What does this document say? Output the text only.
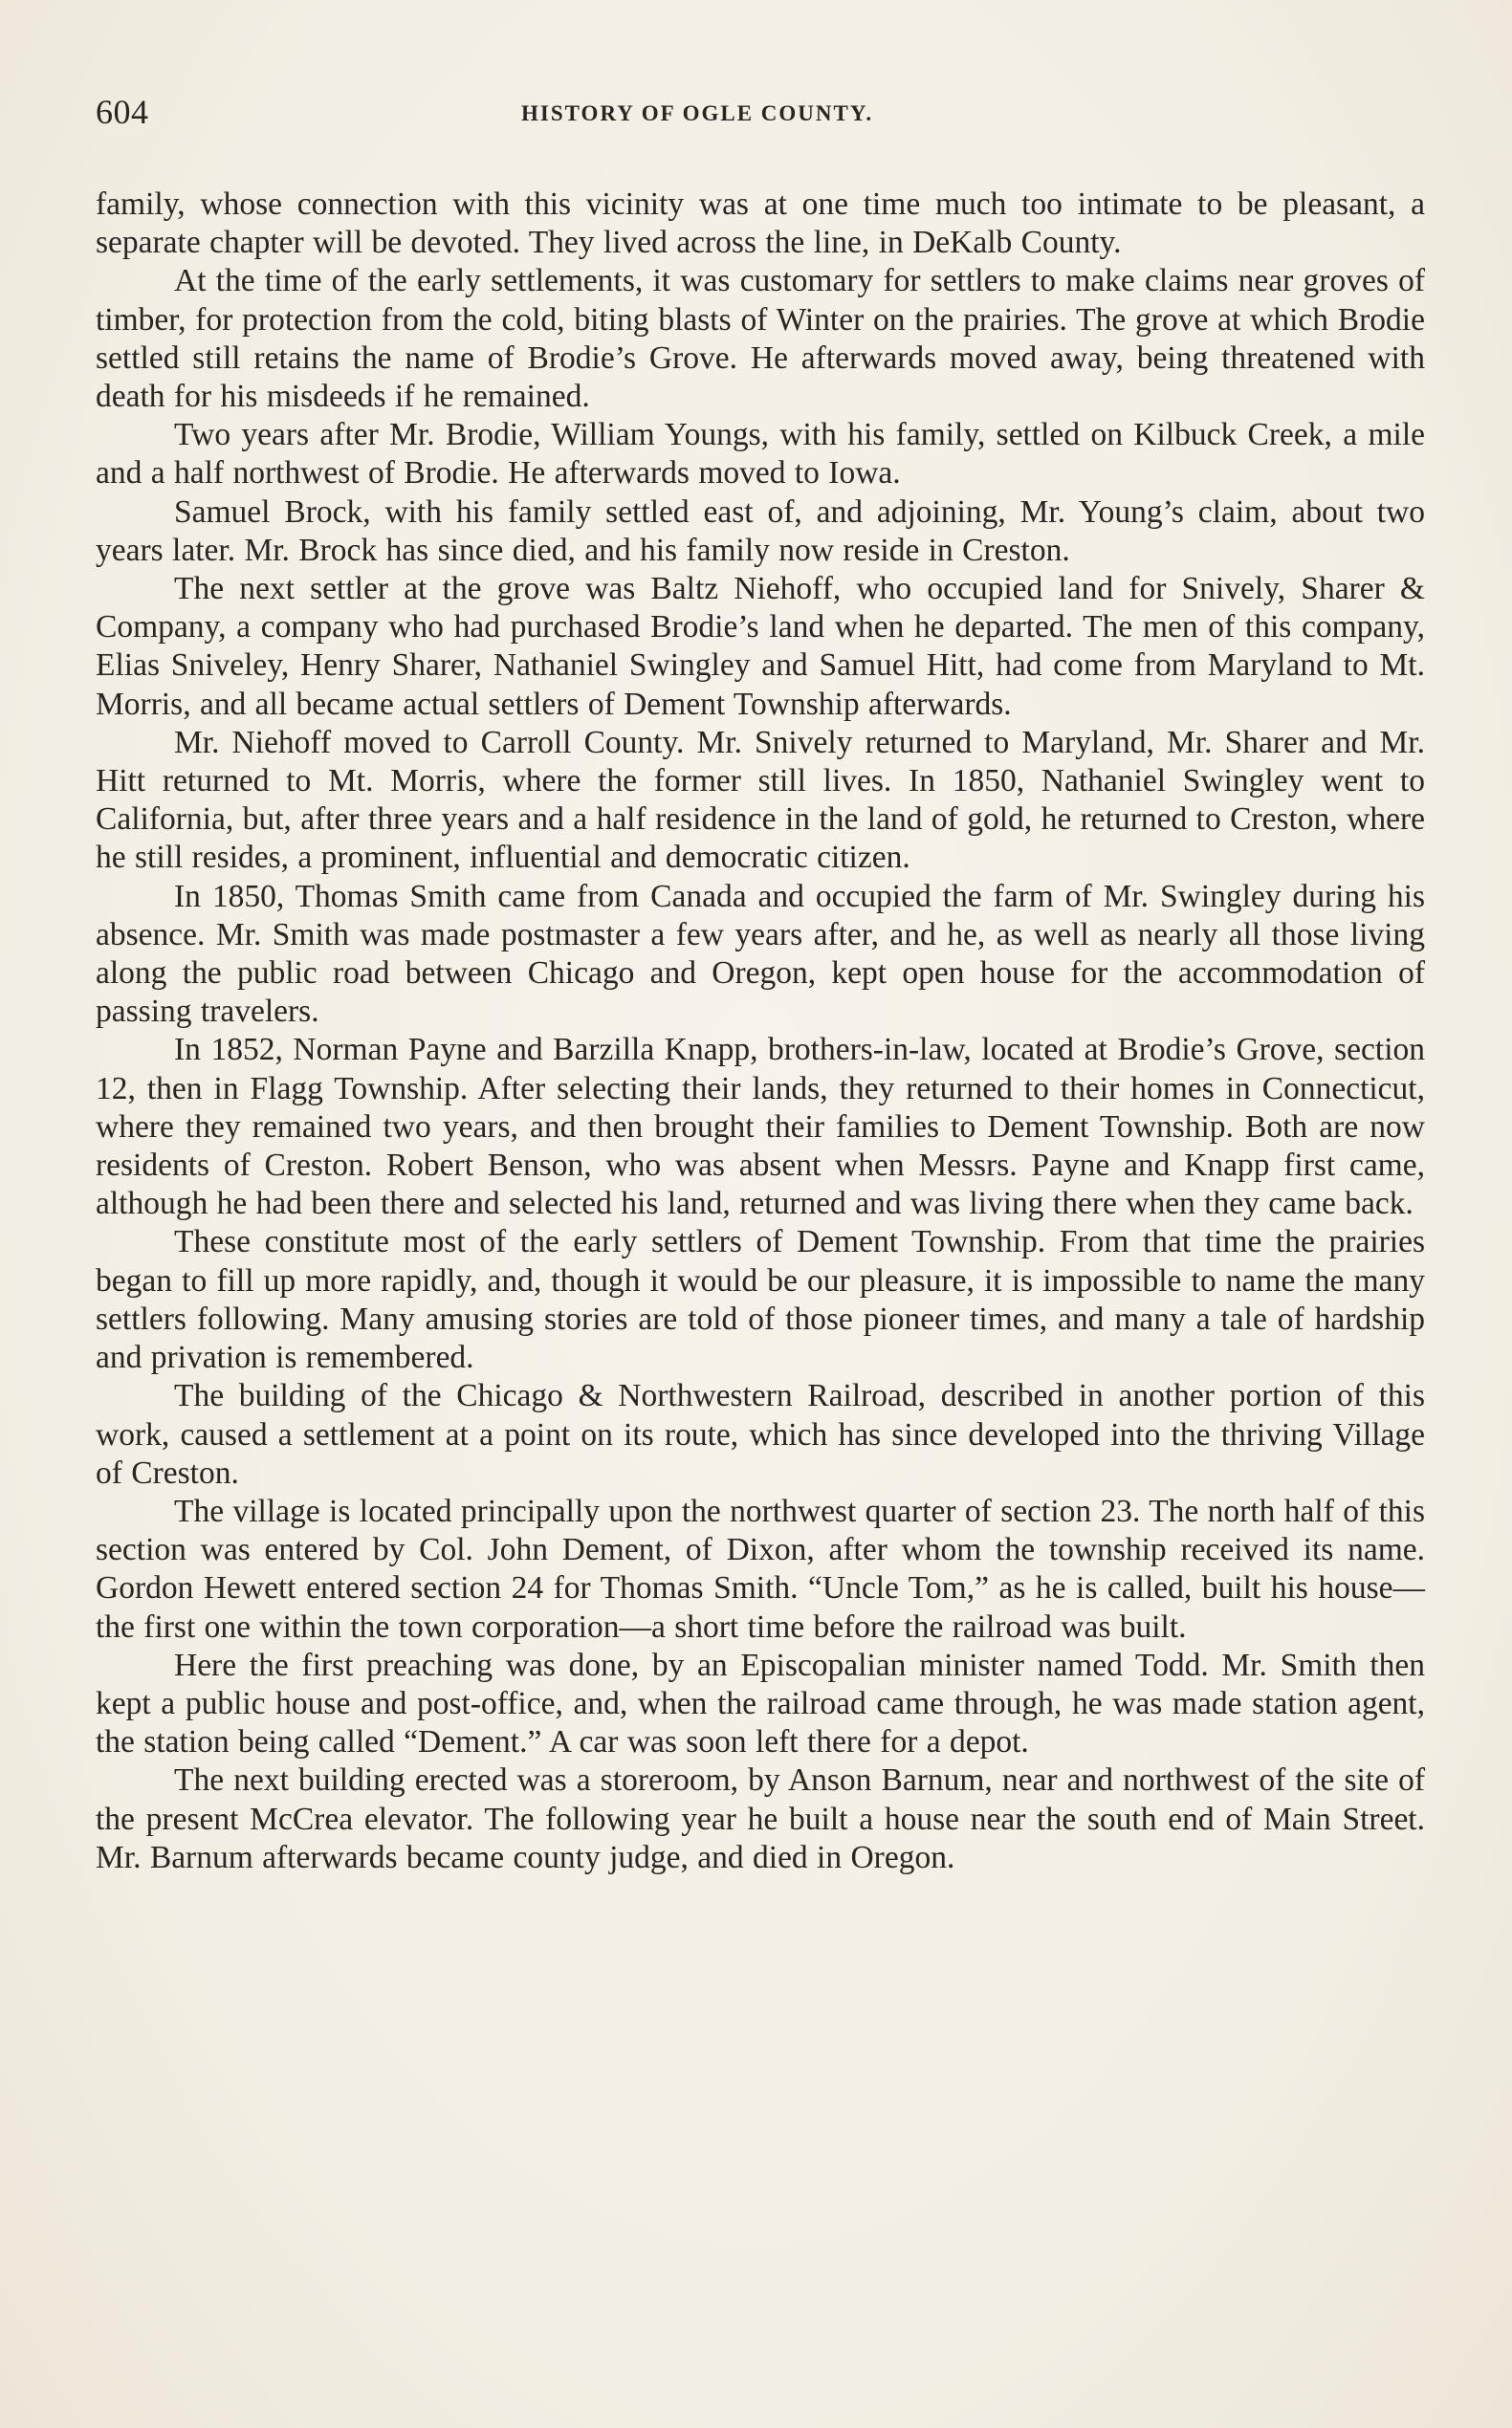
604	HISTORY OF OGLE COUNTY.

family, whose connection with this vicinity was at one time much too intimate to be pleasant, a separate chapter will be devoted. They lived across the line, in DeKalb County.

At the time of the early settlements, it was customary for settlers to make claims near groves of timber, for protection from the cold, biting blasts of Winter on the prairies. The grove at which Brodie settled still retains the name of Brodie’s Grove. He afterwards moved away, being threatened with death for his misdeeds if he remained.

Two years after Mr. Brodie, William Youngs, with his family, settled on Kilbuck Creek, a mile and a half northwest of Brodie. He afterwards moved to Iowa.

Samuel Brock, with his family settled east of, and adjoining, Mr. Young’s claim, about two years later. Mr. Brock has since died, and his family now reside in Creston.

The next settler at the grove was Baltz Niehoff, who occupied land for Snively, Sharer & Company, a company who had purchased Brodie’s land when he departed. The men of this company, Elias Sniveley, Henry Sharer, Nathaniel Swingley and Samuel Hitt, had come from Maryland to Mt. Morris, and all became actual settlers of Dement Township afterwards.

Mr. Niehoff moved to Carroll County. Mr. Snively returned to Maryland, Mr. Sharer and Mr. Hitt returned to Mt. Morris, where the former still lives. In 1850, Nathaniel Swingley went to California, but, after three years and a half residence in the land of gold, he returned to Creston, where he still resides, a prominent, influential and democratic citizen.

In 1850, Thomas Smith came from Canada and occupied the farm of Mr. Swingley during his absence. Mr. Smith was made postmaster a few years after, and he, as well as nearly all those living along the public road between Chicago and Oregon, kept open house for the accommodation of passing travelers.

In 1852, Norman Payne and Barzilla Knapp, brothers-in-law, located at Brodie’s Grove, section 12, then in Flagg Township. After selecting their lands, they returned to their homes in Connecticut, where they remained two years, and then brought their families to Dement Township. Both are now residents of Creston. Robert Benson, who was absent when Messrs. Payne and Knapp first came, although he had been there and selected his land, returned and was living there when they came back.

These constitute most of the early settlers of Dement Township. From that time the prairies began to fill up more rapidly, and, though it would be our pleasure, it is impossible to name the many settlers following. Many amusing stories are told of those pioneer times, and many a tale of hardship and privation is remembered.

The building of the Chicago & Northwestern Railroad, described in another portion of this work, caused a settlement at a point on its route, which has since developed into the thriving Village of Creston.

The village is located principally upon the northwest quarter of section 23. The north half of this section was entered by Col. John Dement, of Dixon, after whom the township received its name. Gordon Hewett entered section 24 for Thomas Smith. “Uncle Tom,” as he is called, built his house—the first one within the town corporation—a short time before the railroad was built.

Here the first preaching was done, by an Episcopalian minister named Todd. Mr. Smith then kept a public house and post-office, and, when the railroad came through, he was made station agent, the station being called “Dement.” A car was soon left there for a depot.

The next building erected was a storeroom, by Anson Barnum, near and northwest of the site of the present McCrea elevator. The following year he built a house near the south end of Main Street. Mr. Barnum afterwards became county judge, and died in Oregon.
